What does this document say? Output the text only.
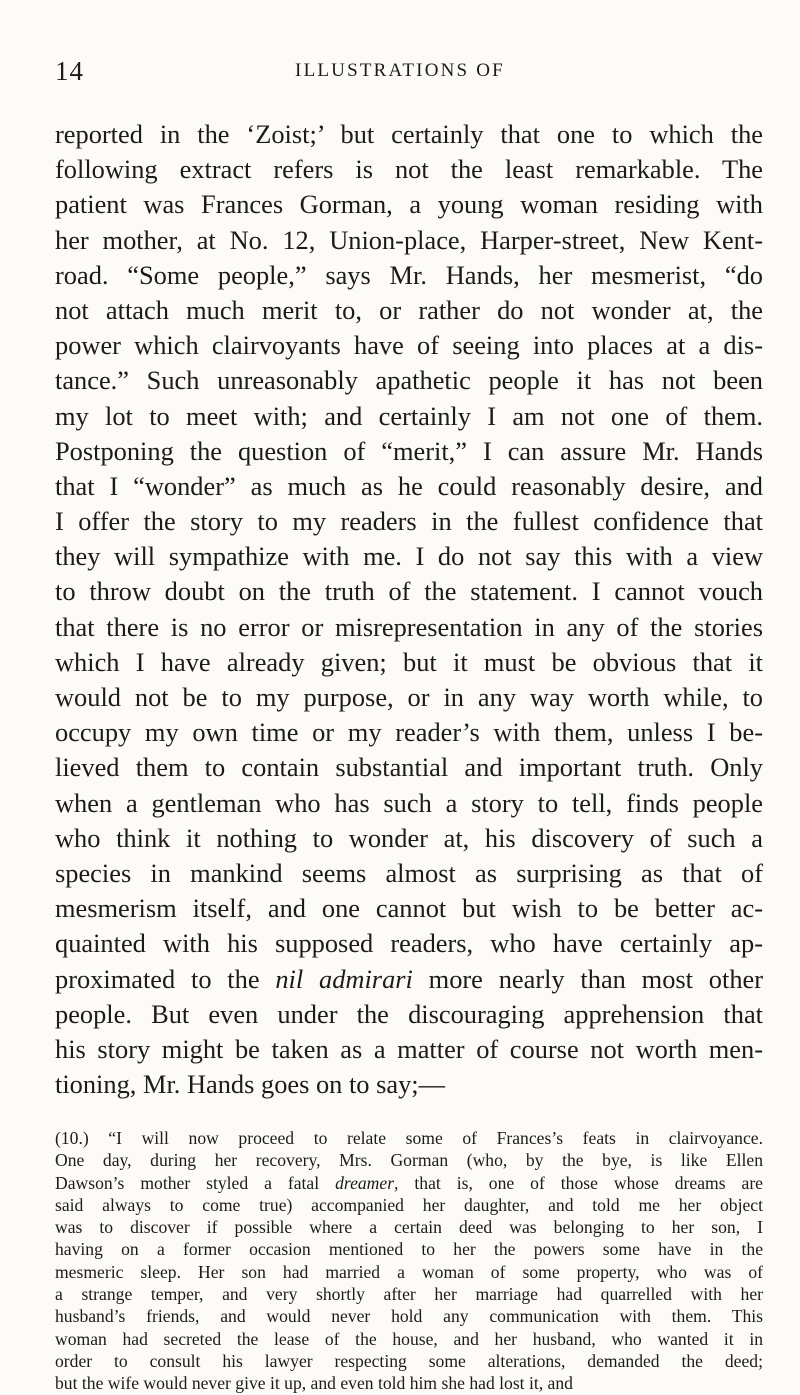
14	ILLUSTRATIONS OF
reported in the ‘Zoist;’ but certainly that one to which the
following extract refers is not the least remarkable. The
patient was Frances Gorman, a young woman residing with
her mother, at No. 12, Union-place, Harper-street, New Kent-
road. “Some people,” says Mr. Hands, her mesmerist, “do
not attach much merit to, or rather do not wonder at, the
power which clairvoyants have of seeing into places at a dis-
tance.” Such unreasonably apathetic people it has not been
my lot to meet with; and certainly I am not one of them.
Postponing the question of “merit,” I can assure Mr. Hands
that I “wonder” as much as he could reasonably desire, and
I offer the story to my readers in the fullest confidence that
they will sympathize with me. I do not say this with a view
to throw doubt on the truth of the statement. I cannot vouch
that there is no error or misrepresentation in any of the stories
which I have already given; but it must be obvious that it
would not be to my purpose, or in any way worth while, to
occupy my own time or my reader’s with them, unless I be-
lieved them to contain substantial and important truth. Only
when a gentleman who has such a story to tell, finds people
who think it nothing to wonder at, his discovery of such a
species in mankind seems almost as surprising as that of
mesmerism itself, and one cannot but wish to be better ac-
quainted with his supposed readers, who have certainly ap-
proximated to the nil admirari more nearly than most other
people. But even under the discouraging apprehension that
his story might be taken as a matter of course not worth men-
tioning, Mr. Hands goes on to say;—
(10.) “I will now proceed to relate some of Frances’s feats in clairvoyance.
One day, during her recovery, Mrs. Gorman (who, by the bye, is like Ellen
Dawson’s mother styled a fatal dreamer, that is, one of those whose dreams are
said always to come true) accompanied her daughter, and told me her object
was to discover if possible where a certain deed was belonging to her son, I
having on a former occasion mentioned to her the powers some have in the
mesmeric sleep. Her son had married a woman of some property, who was of
a strange temper, and very shortly after her marriage had quarrelled with her
husband’s friends, and would never hold any communication with them. This
woman had secreted the lease of the house, and her husband, who wanted it in
order to consult his lawyer respecting some alterations, demanded the deed;
but the wife would never give it up, and even told him she had lost it, and
